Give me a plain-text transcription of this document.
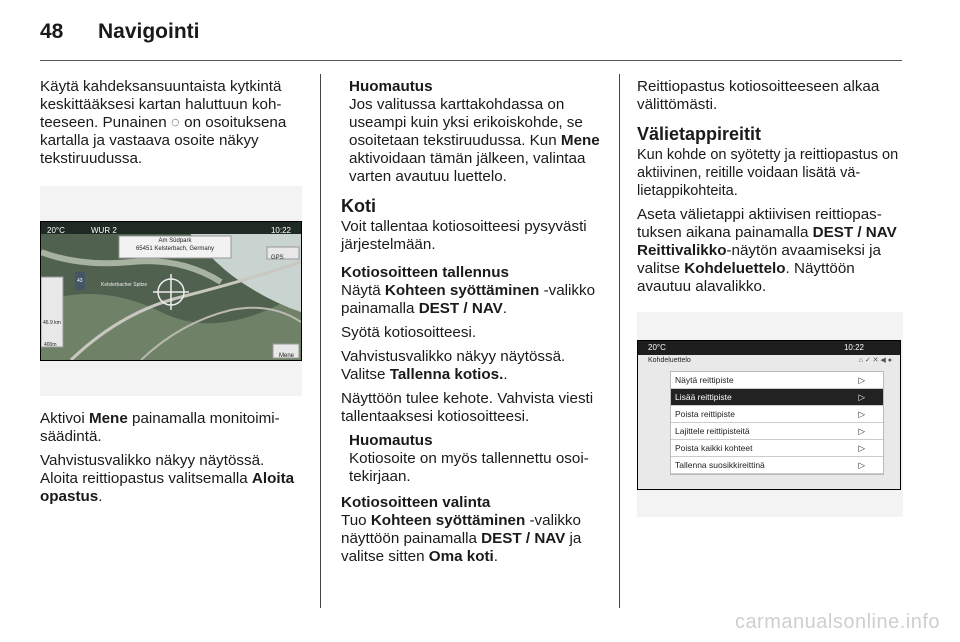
48 Navigointi

Käytä kahdeksansuuntaista kytkintä keskittääksesi kartan haluttuun kohteeseen. Punainen ◌ on osoituksena kartalla ja vastaava osoite näkyy tekstiruudussa.

20°C	WUR 2	10:22
Am Südpark
65451 Kelsterbach, Germany
GPS
Kelsterbacher Spitze
43
46.9 km
400m
Mene

Aktivoi Mene painamalla monitoimisäädintä.

Vahvistusvalikko näkyy näytössä.
Aloita reittiopastus valitsemalla Aloita opastus.

Huomautus
Jos valitussa karttakohdassa on useampi kuin yksi erikoiskohde, se osoitetaan tekstiruudussa. Kun Mene aktivoidaan tämän jälkeen, valintaa varten avautuu luettelo.
Koti

Voit tallentaa kotiosoitteesi pysyvästi järjestelmään.

Kotiosoitteen tallennus

Näytä Kohteen syöttäminen -valikko painamalla DEST / NAV.

Syötä kotiosoitteesi.

Vahvistusvalikko näkyy näytössä. Valitse Tallenna kotios..

Näyttöön tulee kehote. Vahvista viesti tallentaaksesi kotiosoitteesi.

Huomautus
Kotiosoite on myös tallennettu osoitekirjaan.
Kotiosoitteen valinta

Tuo Kohteen syöttäminen -valikko näyttöön painamalla DEST / NAV ja valitse sitten Oma koti.

Reittiopastus kotiosoitteeseen alkaa välittömästi.

Välietappireitit

Kun kohde on syötetty ja reittiopastus on aktiivinen, reitille voidaan lisätä välietappikohteita.

Aseta välietappi aktiivisen reittiopastuksen aikana painamalla DEST / NAV Reittivalikko-näytön avaamiseksi ja valitse Kohdeluettelo. Näyttöön avautuu alavalikko.

20°C	10:22
Kohdeluettelo	⌂ ✓ ✕ ◀ ●
Näytä reittipiste	▷
Lisää reittipiste	▷
Poista reittipiste	▷
Lajittele reittipisteitä	▷
Poista kaikki kohteet	▷
Tallenna suosikkireittinä	▷
carmanualsonline.info
